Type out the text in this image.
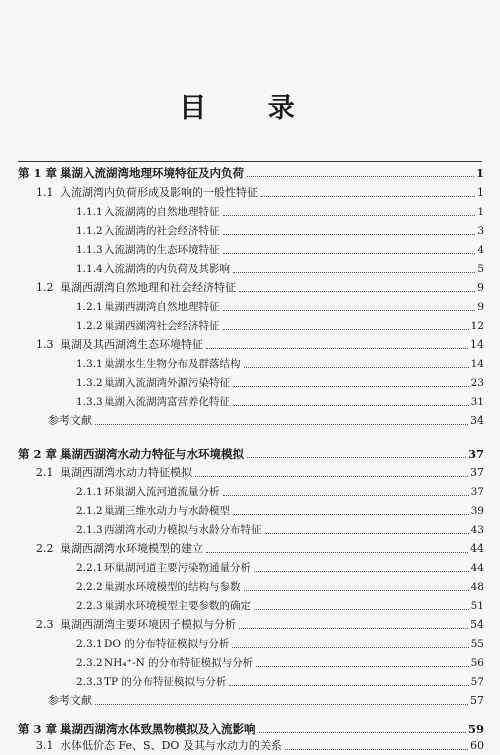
目 录
第 1 章 巢湖入流湖湾地理环境特征及内负荷	1
1.1 入流湖湾内负荷形成及影响的一般性特征	1
1.1.1 入流湖湾的自然地理特征	1
1.1.2 入流湖湾的社会经济特征	3
1.1.3 入流湖湾的生态环境特征	4
1.1.4 入流湖湾的内负荷及其影响	5
1.2 巢湖西湖湾自然地理和社会经济特征	9
1.2.1 巢湖西湖湾自然地理特征	9
1.2.2 巢湖西湖湾社会经济特征	12
1.3 巢湖及其西湖湾生态环境特征	14
1.3.1 巢湖水生生物分布及群落结构	14
1.3.2 巢湖入流湖湾外源污染特征	23
1.3.3 巢湖入流湖湾富营养化特征	31
参考文献	34
第 2 章 巢湖西湖湾水动力特征与水环境模拟	37
2.1 巢湖西湖湾水动力特征模拟	37
2.1.1 环巢湖入流河道流量分析	37
2.1.2 巢湖三维水动力与水龄模型	39
2.1.3 西湖湾水动力模拟与水龄分布特征	43
2.2 巢湖西湖湾水环境模型的建立	44
2.2.1 环巢湖河道主要污染物通量分析	44
2.2.2 巢湖水环境模型的结构与参数	48
2.2.3 巢湖水环境模型主要参数的确定	51
2.3 巢湖西湖湾主要环境因子模拟与分析	54
2.3.1 DO 的分布特征模拟与分析	55
2.3.2 NH₄⁺-N 的分布特征模拟与分析	56
2.3.3 TP 的分布特征模拟与分析	57
参考文献	57
第 3 章 巢湖西湖湾水体致黑物模拟及入流影响	59
3.1 水体低价态 Fe、S、DO 及其与水动力的关系	60
